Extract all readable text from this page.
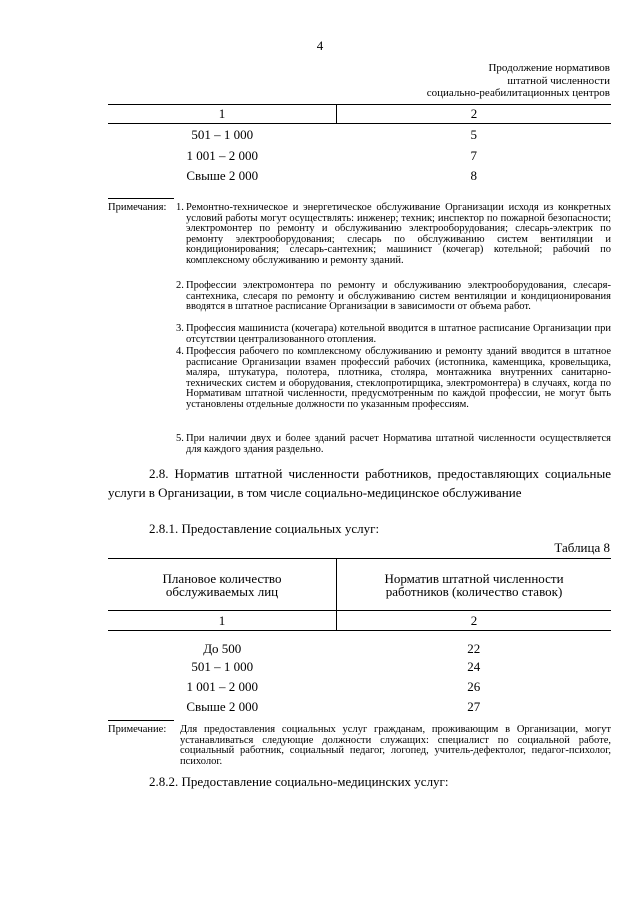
4
Продолжение нормативов
штатной численности
социально-реабилитационных центров
1	2
501 – 1 000	5
1 001 – 2 000	7
Свыше 2 000	8
Примечания: 1. Ремонтно-техническое и энергетическое обслуживание Организации исходя из конкретных условий работы могут осуществлять: инженер; техник; инспектор по пожарной безопасности; электромонтер по ремонту и обслуживанию электрооборудования; слесарь-электрик по ремонту электрооборудования; слесарь по обслуживанию систем вентиляции и кондиционирования; слесарь-сантехник; машинист (кочегар) котельной; рабочий по комплексному обслуживанию и ремонту зданий.
2. Профессии электромонтера по ремонту и обслуживанию электрооборудования, слесаря-сантехника, слесаря по ремонту и обслуживанию систем вентиляции и кондиционирования вводятся в штатное расписание Организации в зависимости от объема работ.
3. Профессия машиниста (кочегара) котельной вводится в штатное расписание Организации при отсутствии централизованного отопления.
4. Профессия рабочего по комплексному обслуживанию и ремонту зданий вводится в штатное расписание Организации взамен профессий рабочих (истопника, каменщика, кровельщика, маляра, штукатура, полотера, плотника, столяра, монтажника внутренних санитарно-технических систем и оборудования, стеклопротирщика, электромонтера) в случаях, когда по Нормативам штатной численности, предусмотренным по каждой профессии, не могут быть установлены отдельные должности по указанным профессиям.
5. При наличии двух и более зданий расчет Норматива штатной численности осуществляется для каждого здания раздельно.
2.8. Норматив штатной численности работников, предоставляющих социальные услуги в Организации, в том числе социально-медицинское обслуживание
2.8.1. Предоставление социальных услуг:
Таблица 8
Плановое количество обслуживаемых лиц	Норматив штатной численности работников (количество ставок)

1	2
До 500	22
501 – 1 000	24
1 001 – 2 000	26
Свыше 2 000	27
Примечание: Для предоставления социальных услуг гражданам, проживающим в Организации, могут устанавливаться следующие должности служащих: специалист по социальной работе, социальный работник, социальный педагог, логопед, учитель-дефектолог, педагог-психолог, психолог.
2.8.2. Предоставление социально-медицинских услуг:
